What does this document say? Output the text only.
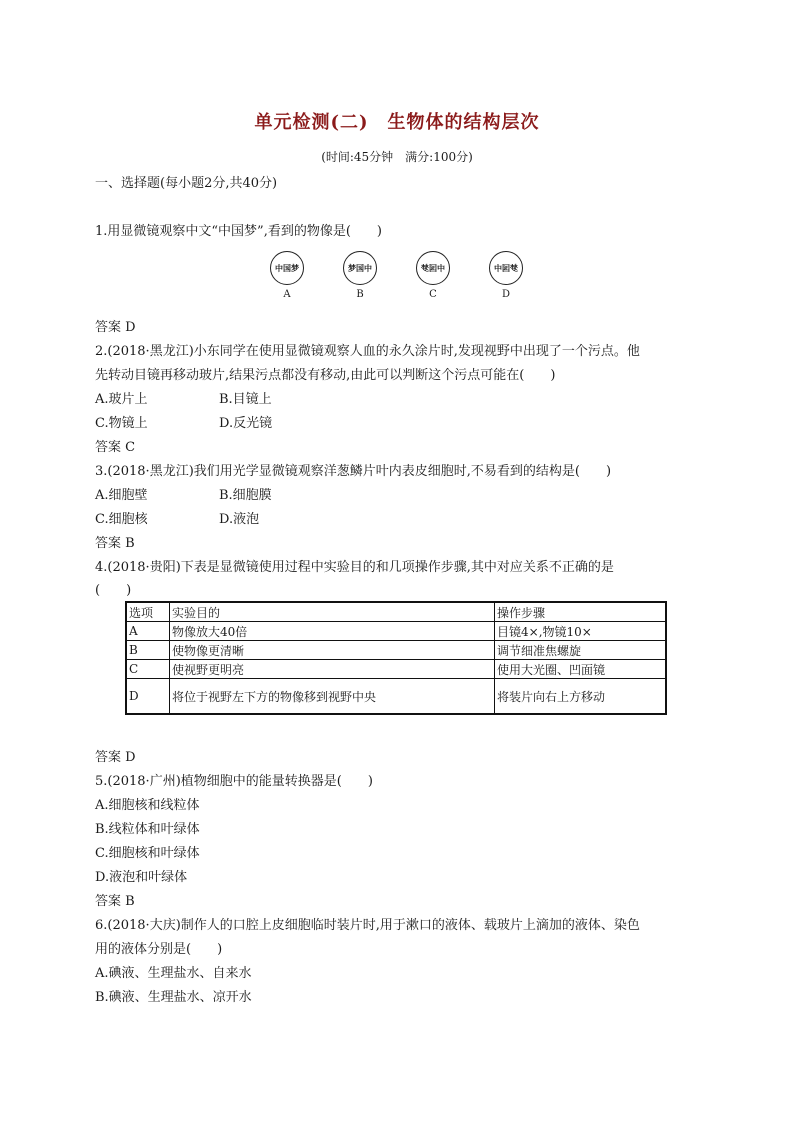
单元检测(二)　生物体的结构层次
(时间:45分钟　满分:100分)
一、选择题(每小题2分,共40分)
1.用显微镜观察中文“中国梦”,看到的物像是(　　)
中国梦
A
梦国中
B
中国梦
C
梦国中
D
答案 D
2.(2018·黑龙江)小东同学在使用显微镜观察人血的永久涂片时,发现视野中出现了一个污点。他
先转动目镜再移动玻片,结果污点都没有移动,由此可以判断这个污点可能在(　　)
A.玻片上	B.目镜上
C.物镜上	D.反光镜
答案 C
3.(2018·黑龙江)我们用光学显微镜观察洋葱鳞片叶内表皮细胞时,不易看到的结构是(　　)
A.细胞壁	B.细胞膜
C.细胞核	D.液泡
答案 B
4.(2018·贵阳)下表是显微镜使用过程中实验目的和几项操作步骤,其中对应关系不正确的是
(　　)
选项	实验目的	操作步骤
A	物像放大40倍	目镜4×,物镜10×
B	使物像更清晰	调节细准焦螺旋
C	使视野更明亮	使用大光圈、凹面镜
D	将位于视野左下方的物像移到视野中央	将装片向右上方移动
答案 D
5.(2018·广州)植物细胞中的能量转换器是(　　)
A.细胞核和线粒体
B.线粒体和叶绿体
C.细胞核和叶绿体
D.液泡和叶绿体
答案 B
6.(2018·大庆)制作人的口腔上皮细胞临时装片时,用于漱口的液体、载玻片上滴加的液体、染色
用的液体分别是(　　)
A.碘液、生理盐水、自来水
B.碘液、生理盐水、凉开水
